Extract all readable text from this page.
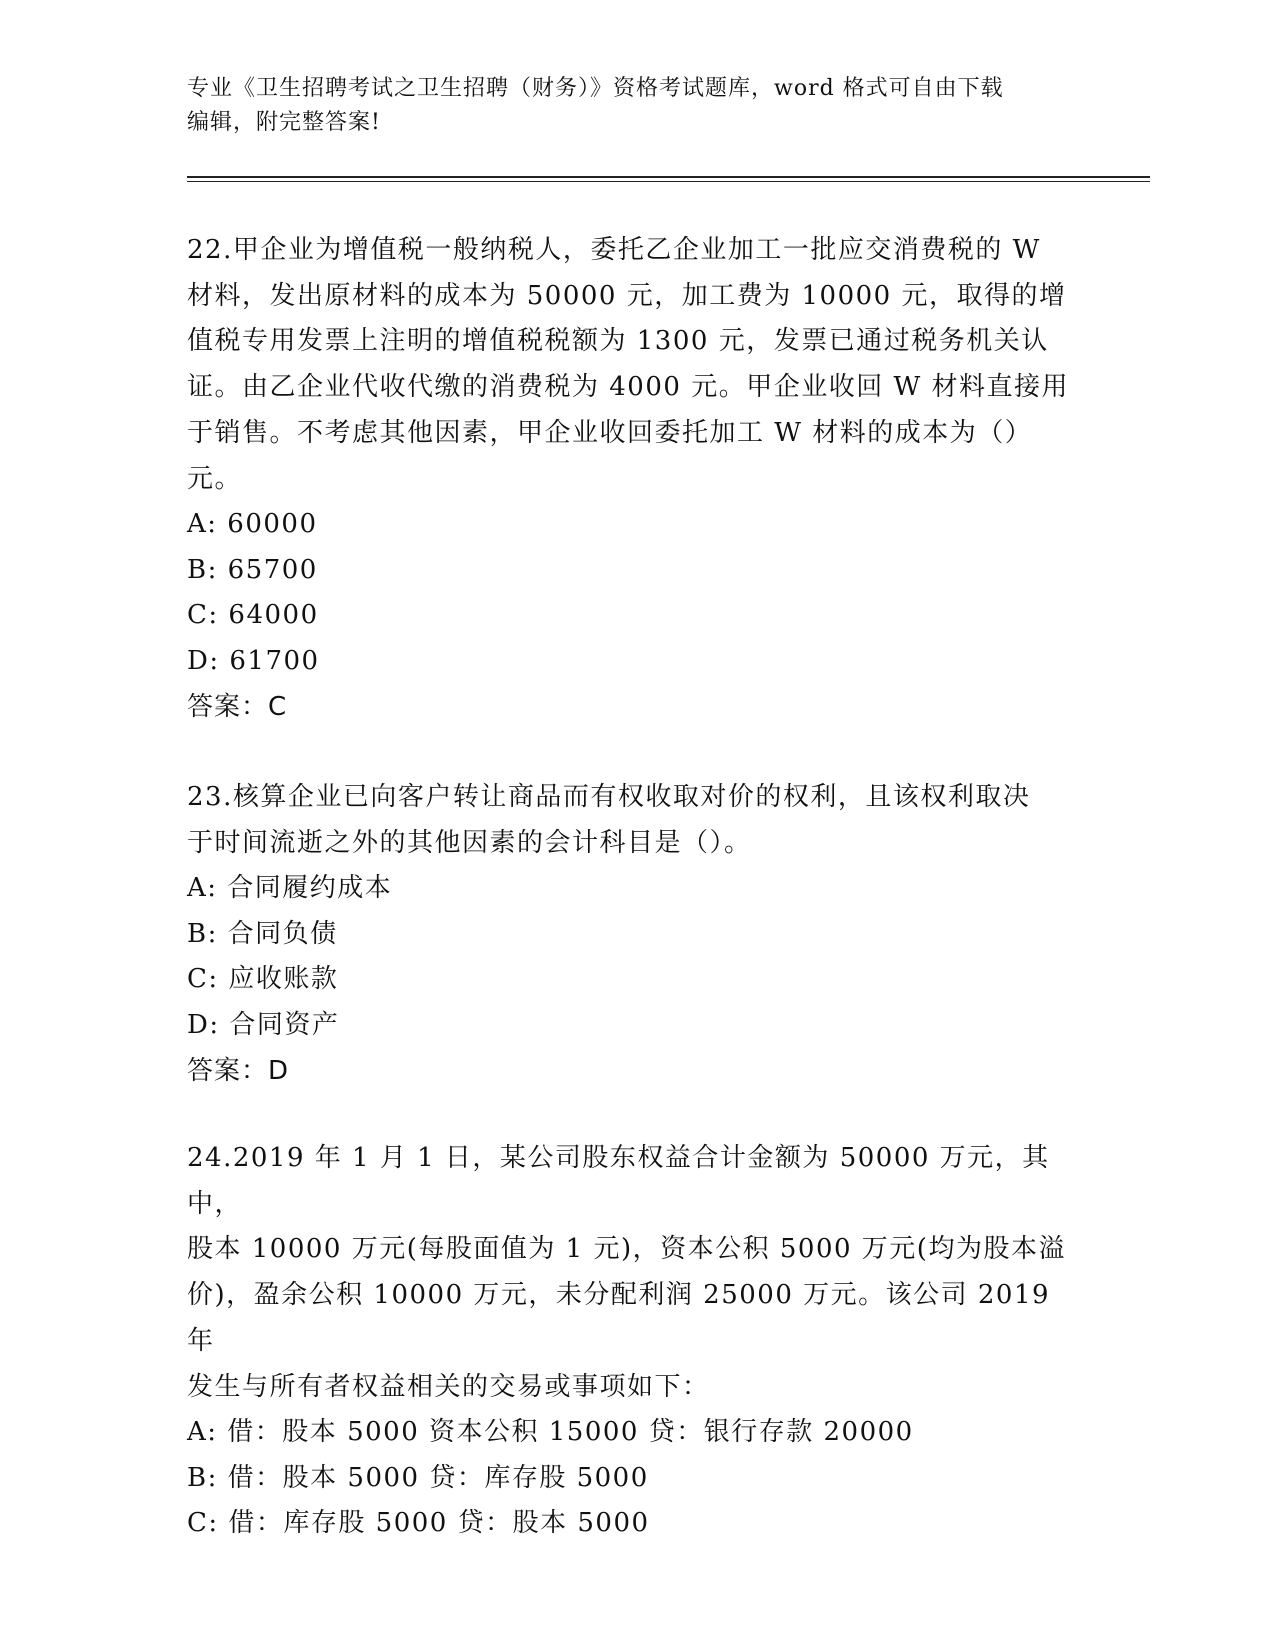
专业《卫生招聘考试之卫生招聘（财务）》资格考试题库，word 格式可自由下载
编辑，附完整答案!
22.甲企业为增值税一般纳税人，委托乙企业加工一批应交消费税的 W
材料，发出原材料的成本为 50000 元，加工费为 10000 元，取得的增
值税专用发票上注明的增值税税额为 1300 元，发票已通过税务机关认
证。由乙企业代收代缴的消费税为 4000 元。甲企业收回 W 材料直接用
于销售。不考虑其他因素，甲企业收回委托加工 W 材料的成本为（）
元。
A: 60000
B: 65700
C: 64000
D: 61700
答案：C
23.核算企业已向客户转让商品而有权收取对价的权利，且该权利取决
于时间流逝之外的其他因素的会计科目是（）。
A: 合同履约成本
B: 合同负债
C: 应收账款
D: 合同资产
答案：D
24.2019 年 1 月 1 日，某公司股东权益合计金额为 50000 万元，其中，
股本 10000 万元(每股面值为 1 元)，资本公积 5000 万元(均为股本溢
价)，盈余公积 10000 万元，未分配利润 25000 万元。该公司 2019 年
发生与所有者权益相关的交易或事项如下：
A: 借：股本 5000 资本公积 15000 贷：银行存款 20000
B: 借：股本 5000 贷：库存股 5000
C: 借：库存股 5000 贷：股本 5000
